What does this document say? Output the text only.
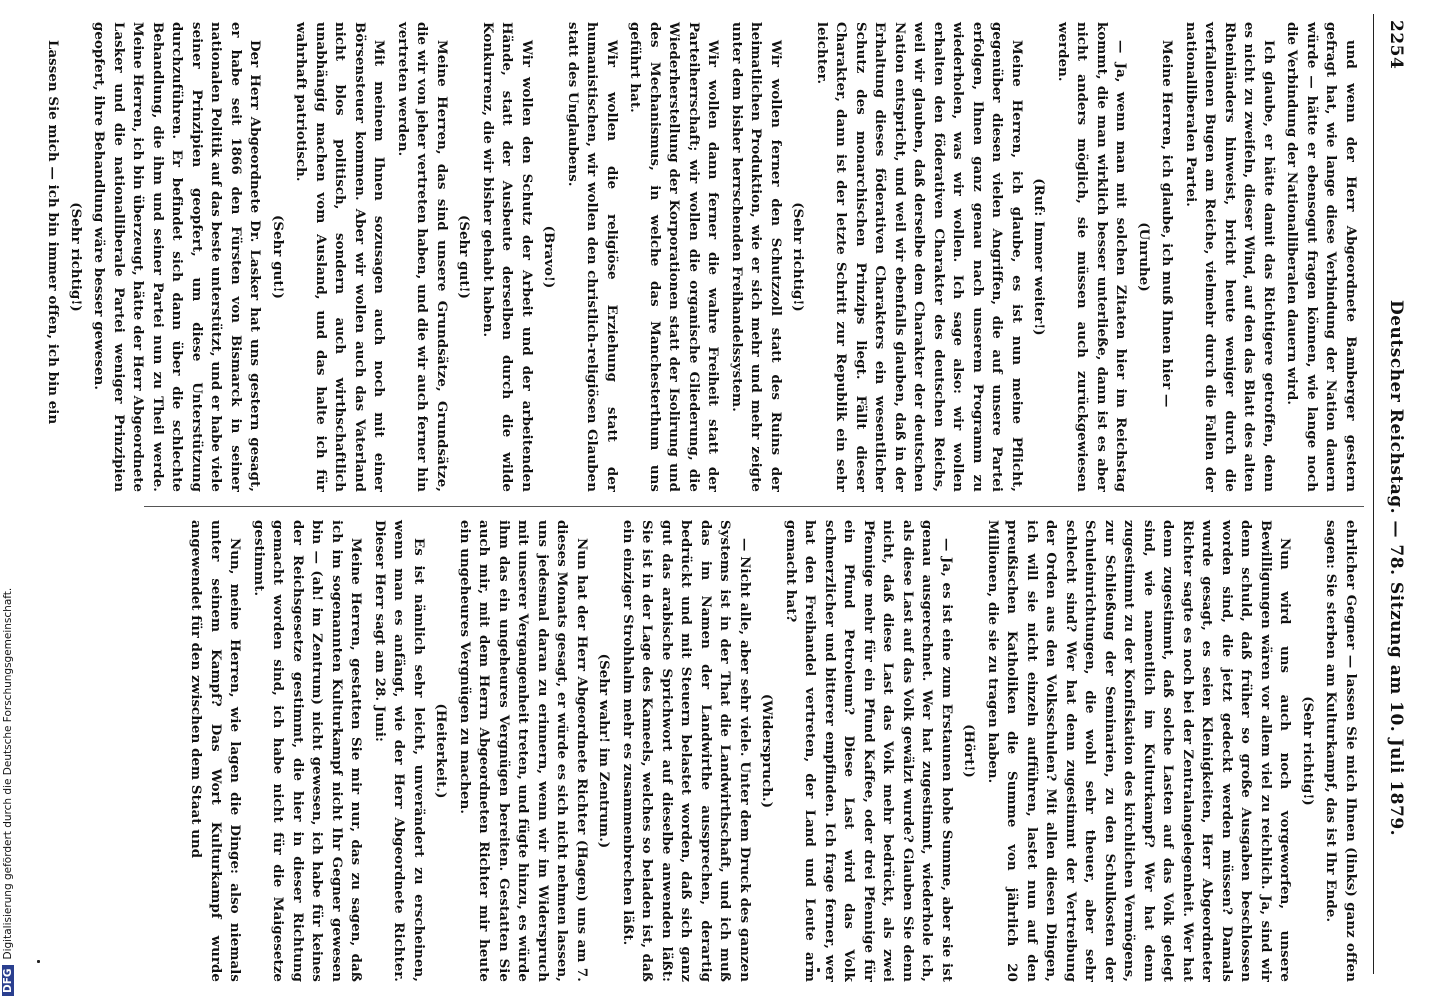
2254
Deutscher Reichstag. — 78. Sitzung am 10. Juli 1879.

und wenn der Herr Abgeordnete Bamberger gestern gefragt hat, wie lange diese Verbindung der Nation dauern würde — hätte er ebensogut fragen können, wie lange noch die Verbindung der Nationalliberalen dauern wird.

Ich glaube, er hätte damit das Richtigere getroffen, denn es nicht zu zweifeln, dieser Wind, auf den das Blatt des alten Rheinländers hinweist, bricht heute weniger durch die verfallenen Bugen am Reiche, vielmehr durch die Fallen der nationalliberalen Partei.

Meine Herren, ich glaube, ich muß Ihnen hier —

(Unruhe)

— Ja, wenn man mit solchen Zitaten hier im Reichstag kommt, die man wirklich besser unterließe, dann ist es aber nicht anders möglich, sie müssen auch zurückgewiesen werden.

(Ruf: Immer weiter!)

Meine Herren, ich glaube, es ist nun meine Pflicht, gegenüber diesen vielen Angriffen, die auf unsere Partei erfolgen, Ihnen ganz genau nach unserem Programm zu wiederholen, was wir wollen. Ich sage also: wir wollen erhalten den föderativen Charakter des deutschen Reichs, weil wir glauben, daß derselbe dem Charakter der deutschen Nation entspricht, und weil wir ebenfalls glauben, daß in der Erhaltung dieses föderativen Charakters ein wesentlicher Schutz des monarchischen Prinzips liegt. Fällt dieser Charakter, dann ist der letzte Schritt zur Republik ein sehr leichter.

(Sehr richtig!)

Wir wollen ferner den Schutzzoll statt des Ruins der heimatlichen Produktion, wie er sich mehr und mehr zeigte unter dem bisher herrschenden Freihandelssystem.

Wir wollen dann ferner die wahre Freiheit statt der Parteiherrschaft; wir wollen die organische Gliederung, die Wiederherstellung der Korporationen statt der Isolirung und des Mechanismus, in welche das Manchesterthum uns geführt hat.

Wir wollen die religiöse Erziehung statt der humanistischen, wir wollen den christlich-religiösen Glauben statt des Unglaubens.

(Bravo!)

Wir wollen den Schutz der Arbeit und der arbeitenden Hände, statt der Ausbeute derselben durch die wilde Konkurrenz, die wir bisher gehabt haben.

(Sehr gut!)

Meine Herren, das sind unsere Grundsätze, Grundsätze, die wir von jeher vertreten haben, und die wir auch ferner hin vertreten werden.

Mit meinem Ihnen sozusagen auch noch mit einer Börsensteuer kommen. Aber wir wollen auch das Vaterland nicht blos politisch, sondern auch wirthschaftlich unabhängig machen vom Ausland, und das halte ich für wahrhaft patriotisch.

(Sehr gut!)

Der Herr Abgeordnete Dr. Lasker hat uns gestern gesagt, er habe seit 1866 den Fürsten von Bismarck in seiner nationalen Politik auf das beste unterstützt, und er habe viele seiner Prinzipien geopfert, um diese Unterstützung durchzuführen. Er befindet sich dann über die schlechte Behandlung, die ihm und seiner Partei nun zu Theil werde. Meine Herren, ich bin überzeugt, hätte der Herr Abgeordnete Lasker und die nationalliberale Partei weniger Prinzipien geopfert, ihre Behandlung wäre besser gewesen.

(Sehr richtig!)

Lassen Sie mich — ich bin immer offen, ich bin ein

ehrlicher Gegner — lassen Sie mich Ihnen (links) ganz offen sagen: Sie sterben am Kulturkampf, das ist Ihr Ende.

(Sehr richtig!)

Nun wird uns auch noch vorgeworfen, unsere Bewilligungen wären vor allem viel zu reichlich. Ja, sind wir denn schuld, daß früher so große Ausgaben beschlossen worden sind, die jetzt gedeckt werden müssen? Damals wurde gesagt, es seien Kleinigkeiten, Herr Abgeordneter Richter sagte es noch bei der Zentralangelegenheit. Wer hat denn zugestimmt, daß solche Lasten auf das Volk gelegt sind, wie namentlich im Kulturkampf? Wer hat denn zugestimmt zu der Konfiskation des kirchlichen Vermögens, zur Schließung der Seminarien, zu den Schulkosten der Schuleinrichtungen, die wohl sehr theuer, aber sehr schlecht sind? Wer hat denn zugestimmt der Vertreibung der Orden aus den Volksschulen? Mit allen diesen Dingen, ich will sie nicht einzeln aufführen, lastet nun auf den preußischen Katholiken die Summe von jährlich 20 Millionen, die sie zu tragen haben.

(Hört!)

— Ja, es ist eine zum Erstaunen hohe Summe, aber sie ist genau ausgerechnet. Wer hat zugestimmt, wiederhole ich, als diese Last auf das Volk gewälzt wurde? Glauben Sie denn nicht, daß diese Last das Volk mehr bedrückt, als zwei Pfennige mehr für ein Pfund Kaffee, oder drei Pfennige für ein Pfund Petroleum? Diese Last wird das Volk schmerzlicher und bitterer empfinden. Ich frage ferner, wer hat den Freihandel vertreten, der Land und Leute arm gemacht hat?

(Widerspruch.)

— Nicht alle, aber sehr viele. Unter dem Druck des ganzen Systems ist in der That die Landwirthschaft, und ich muß das im Namen der Landwirthe aussprechen, derartig bedrückt und mit Steuern belastet worden, daß sich ganz gut das arabische Sprichwort auf dieselbe anwenden läßt: Sie ist in der Lage des Kameels, welches so beladen ist, daß ein einziger Strohhalm mehr es zusammenbrechen läßt.

(Sehr wahr! im Zentrum.)

Nun hat der Herr Abgeordnete Richter (Hagen) uns am 7. dieses Monats gesagt, er würde es sich nicht nehmen lassen, uns jedesmal daran zu erinnern, wenn wir im Widerspruch mit unserer Vergangenheit treten, und fügte hinzu, es würde ihm das ein ungeheures Vergnügen bereiten. Gestatten Sie auch mir, mit dem Herrn Abgeordneten Richter mir heute ein ungeheures Vergnügen zu machen.

(Heiterkeit.)

Es ist nämlich sehr leicht, unverändert zu erscheinen, wenn man es anfängt, wie der Herr Abgeordnete Richter. Dieser Herr sagt am 28. Juni:

Meine Herren, gestatten Sie mir nur, das zu sagen, daß ich im sogenannten Kulturkampf nicht Ihr Gegner gewesen bin — (ah! im Zentrum) nicht gewesen, ich habe für keines der Reichsgesetze gestimmt, die hier in dieser Richtung gemacht worden sind, ich habe nicht für die Maigesetze gestimmt.

Nun, meine Herren, wie lagen die Dinge: also niemals unter seinem Kampf? Das Wort Kulturkampf wurde angewendet für den zwischen dem Staat und

DFGDigitalisierung gefördert durch die Deutsche Forschungsgemeinschaft.
